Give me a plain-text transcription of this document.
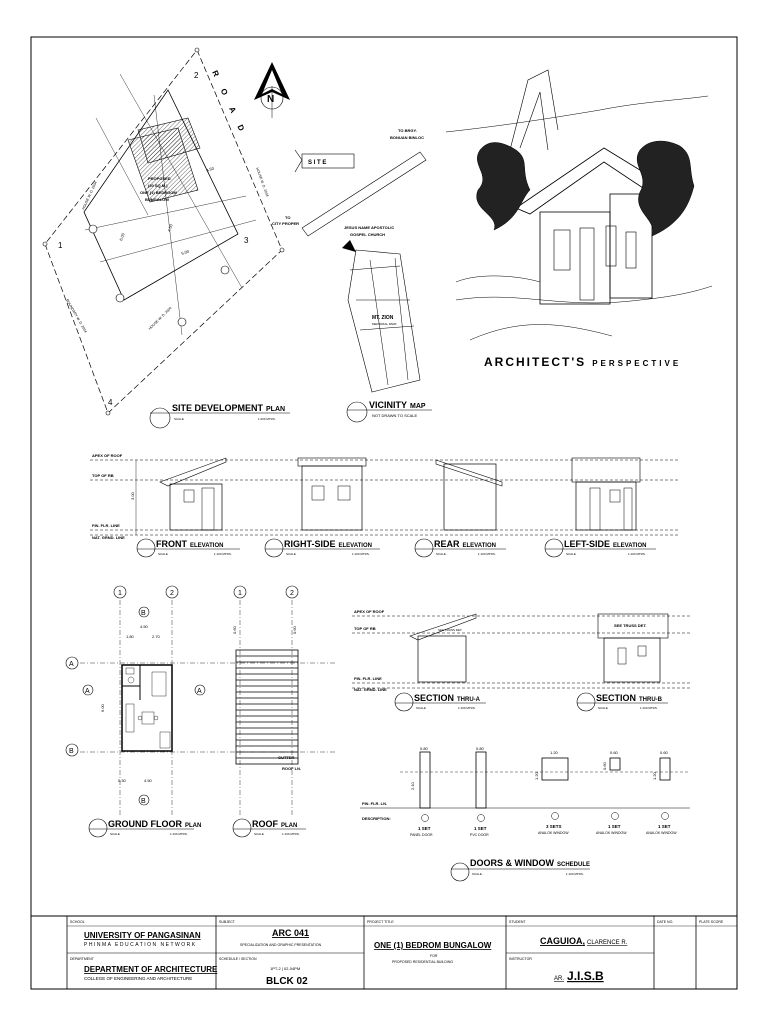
1
2
3
4
R O A D
PROPOSED
(20 SQ.M.)
ONE (1) BEDROOM
BUNGALOW
4.50
6.00
5.00
4.50
HOUSE W. D. 2004	HOUSE W. D. 2004
HOUSE W. D. 2004
BOUNDARY W. D. 2004
N
S I T E
TO BRGY.
BONUAN BINLOC
TO
CITY PROPER
JESUS NAME APOSTOLIC
GOSPEL CHURCH
MT. ZION
MEMORIAL PARK
ARCHITECT'S PERSPECTIVE
SITE DEVELOPMENT PLAN
SCALE	1:200 MTRS.
VICINITY MAP
NOT DRAWN TO SCALE
APEX OF ROOF
TOP OF RB
FIN. FLR. LINE
NAT. GRND. LINE
3.00
FRONT ELEVATION
SCALE	1:100 MTRS.
RIGHT-SIDE ELEVATION
SCALE	1:100 MTRS.
REAR ELEVATION
SCALE	1:100 MTRS.
LEFT-SIDE ELEVATION
SCALE	1:100 MTRS.
1	2
A
B
B
B
A	A
4.50
1.80	2.70
6.00
4.50
0.30
GROUND FLOOR PLAN
SCALE	1:100 MTRS.
1	2
0.60	0.60
GUTTER
ROOF LN.
ROOF PLAN
SCALE	1:100 MTRS.
APEX OF ROOF
TOP OF RB
FIN. FLR. LINE
NAT. GRND. LINE
SEE TRUSS DET.
SEE TRUSS DET.
SECTION THRU-A
SCALE	1:100 MTRS.
SECTION THRU-B
SCALE	1:100 MTRS.
FIN. FLR. LN.
DESCRIPTION:
0.80	0.80
1.20	0.60	0.60
2.10
1.20
0.60
1.20
1 SET
PANEL DOOR
1 SET
PVC DOOR
3 SETS
ANALOK WINDOW
1 SET
ANALOK WINDOW
1 SET
ANALOK WINDOW
DOORS & WINDOW SCHEDULE
SCALE	1:100 MTRS.
SCHOOL
UNIVERSITY OF PANGASINAN
PHINMA EDUCATION NETWORK
DEPARTMENT
DEPARTMENT OF ARCHITECTURE
COLLEGE OF ENGINEERING AND ARCHITECTURE
SUBJECT
ARC 041
SPECIALIZATION AND GRAPHIC PRESENTATION
SCHEDULE / SECTION
1PT-2 | 02-04PM
BLCK 02
PROJECT TITLE
ONE (1) BEDROM BUNGALOW
FOR
PROPOSED RESIDENTIAL BUILDING
STUDENT
CAGUIOA, CLARENCE R.
INSTRUCTOR
AR. J.I.S.B
DATE NO.	PLATE SCORE
